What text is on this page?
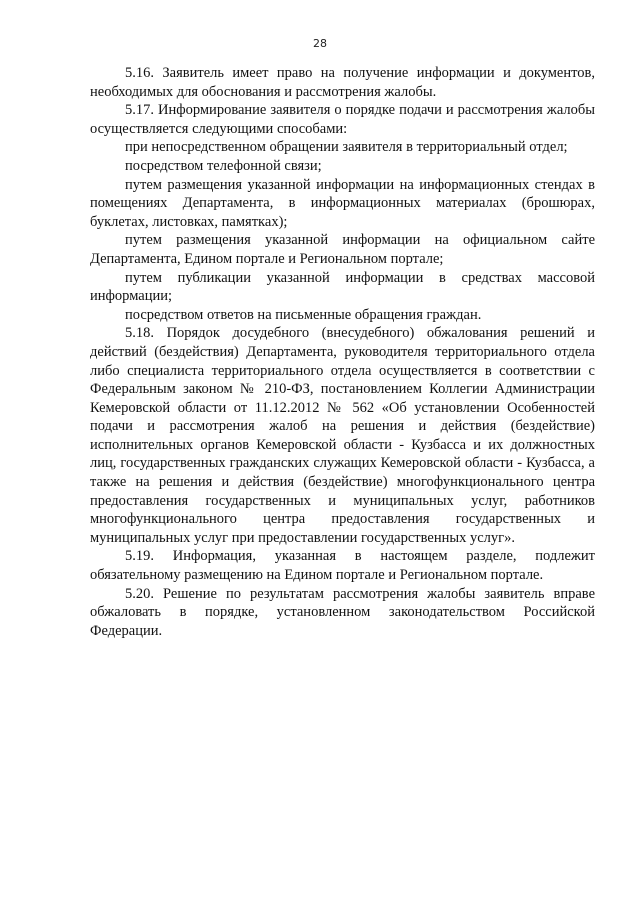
28

5.16. Заявитель имеет право на получение информации и документов, необходимых для обоснования и рассмотрения жалобы.

5.17. Информирование заявителя о порядке подачи и рассмотрения жалобы осуществляется следующими способами:

при непосредственном обращении заявителя в территориальный отдел;

посредством телефонной связи;

путем размещения указанной информации на информационных стендах в помещениях Департамента, в информационных материалах (брошюрах, буклетах, листовках, памятках);

путем размещения указанной информации на официальном сайте Департамента, Едином портале и Региональном портале;

путем публикации указанной информации в средствах массовой информации;

посредством ответов на письменные обращения граждан.

5.18. Порядок досудебного (внесудебного) обжалования решений и действий (бездействия) Департамента, руководителя территориального отдела либо специалиста территориального отдела осуществляется в соответствии с Федеральным законом № 210-ФЗ, постановлением Коллегии Администрации Кемеровской области от 11.12.2012 № 562 «Об установлении Особенностей подачи и рассмотрения жалоб на решения и действия (бездействие) исполнительных органов Кемеровской области - Кузбасса и их должностных лиц, государственных гражданских служащих Кемеровской области - Кузбасса, а также на решения и действия (бездействие) многофункционального центра предоставления государственных и муниципальных услуг, работников многофункционального центра предоставления государственных и муниципальных услуг при предоставлении государственных услуг».

5.19. Информация, указанная в настоящем разделе, подлежит обязательному размещению на Едином портале и Региональном портале.

5.20. Решение по результатам рассмотрения жалобы заявитель вправе обжаловать в порядке, установленном законодательством Российской Федерации.
